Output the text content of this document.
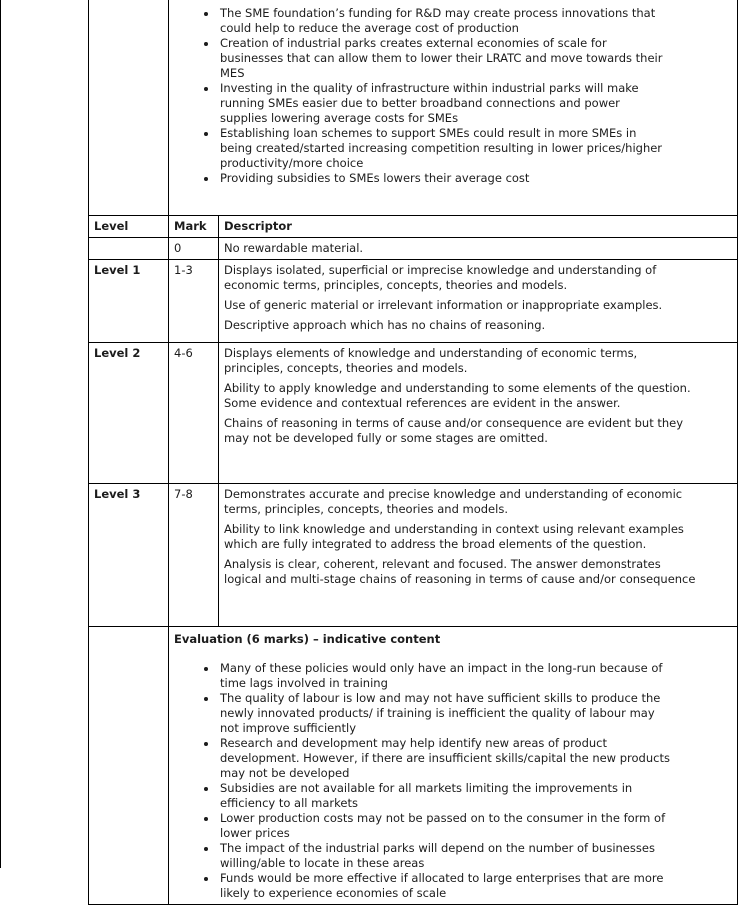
• The SME foundation’s funding for R&D may create process innovations that could help to reduce the average cost of production
• Creation of industrial parks creates external economies of scale for businesses that can allow them to lower their LRATC and move towards their MES
• Investing in the quality of infrastructure within industrial parks will make running SMEs easier due to better broadband connections and power supplies lowering average costs for SMEs
• Establishing loan schemes to support SMEs could result in more SMEs in being created/started increasing competition resulting in lower prices/higher productivity/more choice
• Providing subsidies to SMEs lowers their average cost

Level	Mark	Descriptor
	0	No rewardable material.

Level 1	1-3	Displays isolated, superficial or imprecise knowledge and understanding of economic terms, principles, concepts, theories and models.

Use of generic material or irrelevant information or inappropriate examples.

Descriptive approach which has no chains of reasoning.

Level 2	4-6	Displays elements of knowledge and understanding of economic terms, principles, concepts, theories and models.

Ability to apply knowledge and understanding to some elements of the question. Some evidence and contextual references are evident in the answer.

Chains of reasoning in terms of cause and/or consequence are evident but they may not be developed fully or some stages are omitted.

Level 3	7-8	Demonstrates accurate and precise knowledge and understanding of economic terms, principles, concepts, theories and models.

Ability to link knowledge and understanding in context using relevant examples which are fully integrated to address the broad elements of the question.

Analysis is clear, coherent, relevant and focused. The answer demonstrates logical and multi-stage chains of reasoning in terms of cause and/or consequence

Evaluation (6 marks) – indicative content

• Many of these policies would only have an impact in the long-run because of time lags involved in training
• The quality of labour is low and may not have sufficient skills to produce the newly innovated products/ if training is inefficient the quality of labour may not improve sufficiently
• Research and development may help identify new areas of product development. However, if there are insufficient skills/capital the new products may not be developed
• Subsidies are not available for all markets limiting the improvements in efficiency to all markets
• Lower production costs may not be passed on to the consumer in the form of lower prices
• The impact of the industrial parks will depend on the number of businesses willing/able to locate in these areas
• Funds would be more effective if allocated to large enterprises that are more likely to experience economies of scale
